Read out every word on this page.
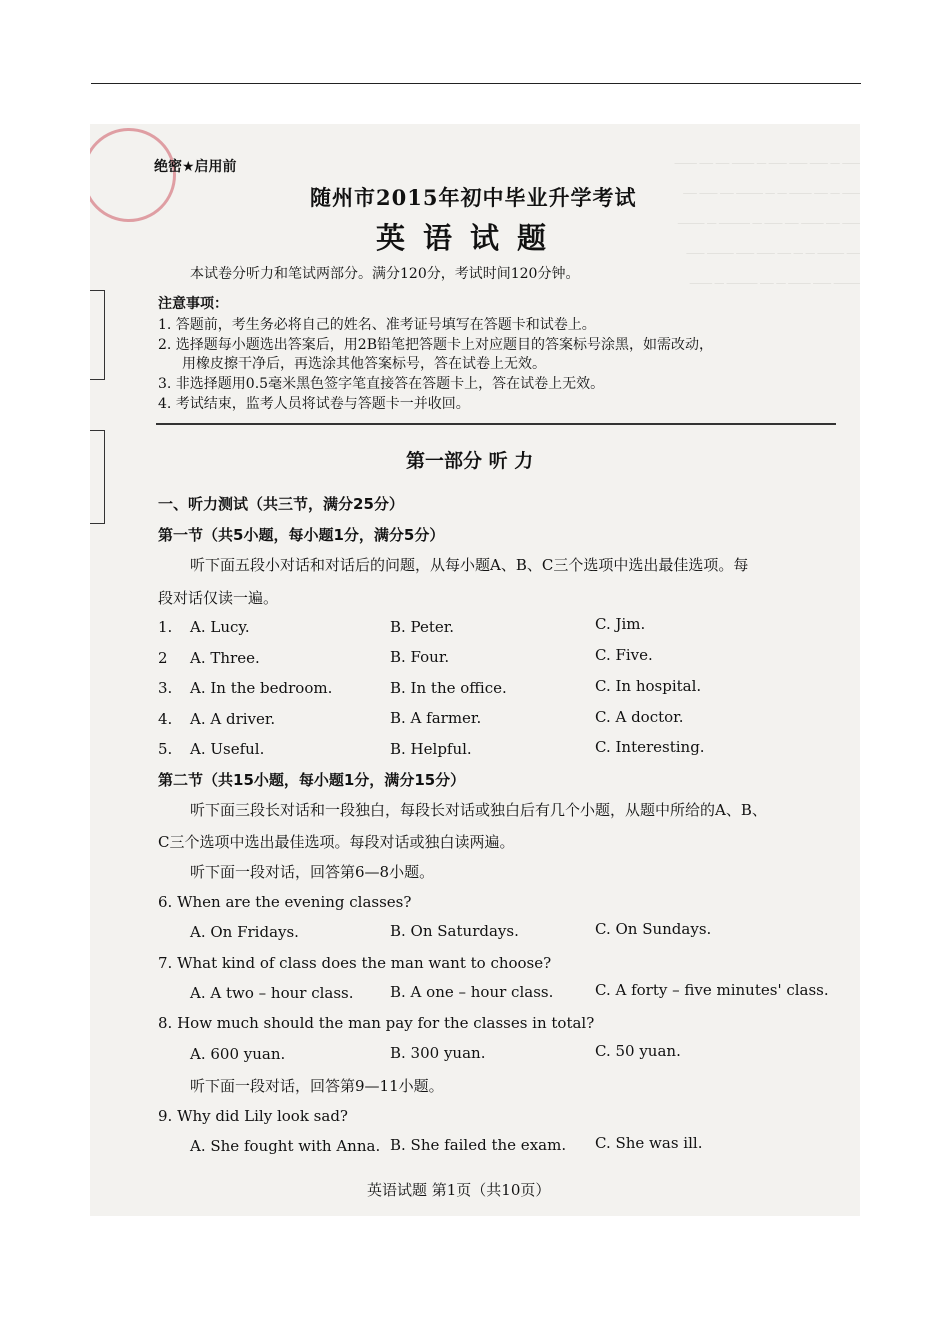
‾‾‾‾ ‾‾ ‾‾‾‾ ‾‾‾‾ ‾‾‾‾ ‾‾ ‾‾‾‾‾ ‾‾‾ ‾‾‾ ‾‾‾‾‾
‾‾‾‾ ‾‾ ‾‾‾ ‾‾‾‾‾ ‾‾ ‾‾ ‾‾‾‾‾‾ ‾‾‾ ‾‾‾‾ ‾‾‾
‾‾‾‾ ‾‾‾ ‾‾‾‾‾ ‾‾‾ ‾‾‾‾ ‾‾ ‾‾‾‾‾‾‾ ‾‾ ‾‾‾‾‾‾
‾‾‾ ‾‾‾‾‾‾ ‾‾ ‾‾ ‾‾‾ ‾‾‾‾ ‾‾‾‾ ‾‾‾‾‾‾ ‾‾‾‾
‾‾‾‾‾‾ ‾‾‾‾ ‾‾‾‾‾ ‾‾ ‾‾‾ ‾‾‾‾‾‾‾ ‾‾ ‾‾‾‾‾
绝密★启用前
随州市2015年初中毕业升学考试
英语试题
本试卷分听力和笔试两部分。满分120分，考试时间120分钟。
注意事项：
1. 答题前，考生务必将自己的姓名、准考证号填写在答题卡和试卷上。
2. 选择题每小题选出答案后，用2B铅笔把答题卡上对应题目的答案标号涂黑，如需改动，
用橡皮擦干净后，再选涂其他答案标号，答在试卷上无效。
3. 非选择题用0.5毫米黑色签字笔直接答在答题卡上，答在试卷上无效。
4. 考试结束，监考人员将试卷与答题卡一并收回。
第一部分 听 力
一、听力测试（共三节，满分25分）
第一节（共5小题，每小题1分，满分5分）
听下面五段小对话和对话后的问题，从每小题A、B、C三个选项中选出最佳选项。每
段对话仅读一遍。
1. A. Lucy.	B. Peter.	C. Jim.
2 A. Three.	B. Four.	C. Five.
3. A. In the bedroom.	B. In the office.	C. In hospital.
4. A. A driver.	B. A farmer.	C. A doctor.
5. A. Useful.	B. Helpful.	C. Interesting.
第二节（共15小题，每小题1分，满分15分）
听下面三段长对话和一段独白，每段长对话或独白后有几个小题，从题中所给的A、B、
C三个选项中选出最佳选项。每段对话或独白读两遍。
听下面一段对话，回答第6—8小题。
6. When are the evening classes?
A. On Fridays.	B. On Saturdays.	C. On Sundays.
7. What kind of class does the man want to choose?
A. A two – hour class. B. A one – hour class.	C. A forty – five minutes' class.
8. How much should the man pay for the classes in total?
A. 600 yuan.	B. 300 yuan.	C. 50 yuan.
听下面一段对话，回答第9—11小题。
9. Why did Lily look sad?
A. She fought with Anna. B. She failed the exam. C. She was ill.
英语试题 第1页（共10页）
